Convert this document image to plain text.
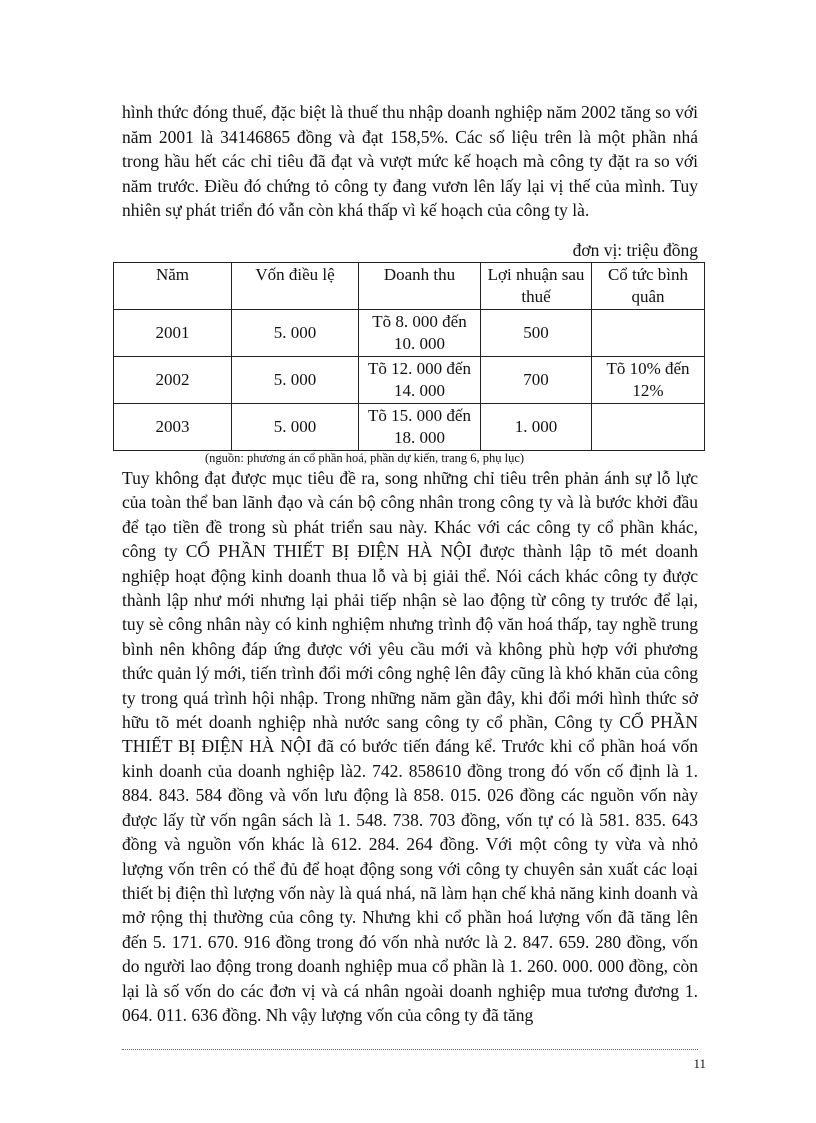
hình thức đóng thuế, đặc biệt là thuế thu nhập doanh nghiệp năm 2002 tăng so với năm 2001 là 34146865 đồng và đạt 158,5%. Các số liệu trên là một phần nhá trong hầu hết các chỉ tiêu đã đạt và vượt mức kế hoạch mà công ty đặt ra so với năm trước. Điều đó chứng tỏ công ty đang vươn lên lấy lại vị thế của mình. Tuy nhiên sự phát triển đó vẫn còn khá thấp vì kế hoạch của công ty là.

đơn vị: triệu đồng
Năm	Vốn điều lệ	Doanh thu	Lợi nhuận sau thuế	Cổ tức bình quân
2001	5. 000	Tõ 8. 000 đến 10. 000	500	
2002	5. 000	Tõ 12. 000 đến 14. 000	700	Tõ 10% đến 12%
2003	5. 000	Tõ 15. 000 đến 18. 000	1. 000	
(nguồn: phương án cổ phần hoá, phần dự kiến, trang 6, phụ lục)

Tuy không đạt được mục tiêu đề ra, song những chỉ tiêu trên phản ánh sự lỗ lực của toàn thể ban lãnh đạo và cán bộ công nhân trong công ty và là bước khởi đầu để tạo tiền đề trong sù phát triển sau này. Khác với các công ty cổ phần khác, công ty CỔ PHẦN THIẾT BỊ ĐIỆN HÀ NỘI được thành lập tõ mét doanh nghiệp hoạt động kinh doanh thua lỗ và bị giải thể. Nói cách khác công ty được thành lập như mới nhưng lại phải tiếp nhận sè lao động từ công ty trước để lại, tuy sè công nhân này có kinh nghiệm nhưng trình độ văn hoá thấp, tay nghề trung bình nên không đáp ứng được với yêu cầu mới và không phù hợp với phương thức quản lý mới, tiến trình đổi mới công nghệ lên đây cũng là khó khăn của công ty trong quá trình hội nhập. Trong những năm gần đây, khi đổi mới hình thức sở hữu tõ mét doanh nghiệp nhà nước sang công ty cổ phần, Công ty CỔ PHẦN THIẾT BỊ ĐIỆN HÀ NỘI đã có bước tiến đáng kể. Trước khi cổ phần hoá vốn kinh doanh của doanh nghiệp là2. 742. 858610 đồng trong đó vốn cố định là 1. 884. 843. 584 đồng và vốn lưu động là 858. 015. 026 đồng các nguồn vốn này được lấy từ vốn ngân sách là 1. 548. 738. 703 đồng, vốn tự có là 581. 835. 643 đồng và nguồn vốn khác là 612. 284. 264 đồng. Với một công ty vừa và nhỏ lượng vốn trên có thể đủ để hoạt động song với công ty chuyên sản xuất các loại thiết bị điện thì lượng vốn này là quá nhá, nã làm hạn chế khả năng kinh doanh và mở rộng thị thường của công ty. Nhưng khi cổ phần hoá lượng vốn đã tăng lên đến 5. 171. 670. 916 đồng trong đó vốn nhà nước là 2. 847. 659. 280 đồng, vốn do người lao động trong doanh nghiệp mua cổ phần là 1. 260. 000. 000 đồng, còn lại là số vốn do các đơn vị và cá nhân ngoài doanh nghiệp mua tương đương 1. 064. 011. 636 đồng. Nh vậy lượng vốn của công ty đã tăng

11
